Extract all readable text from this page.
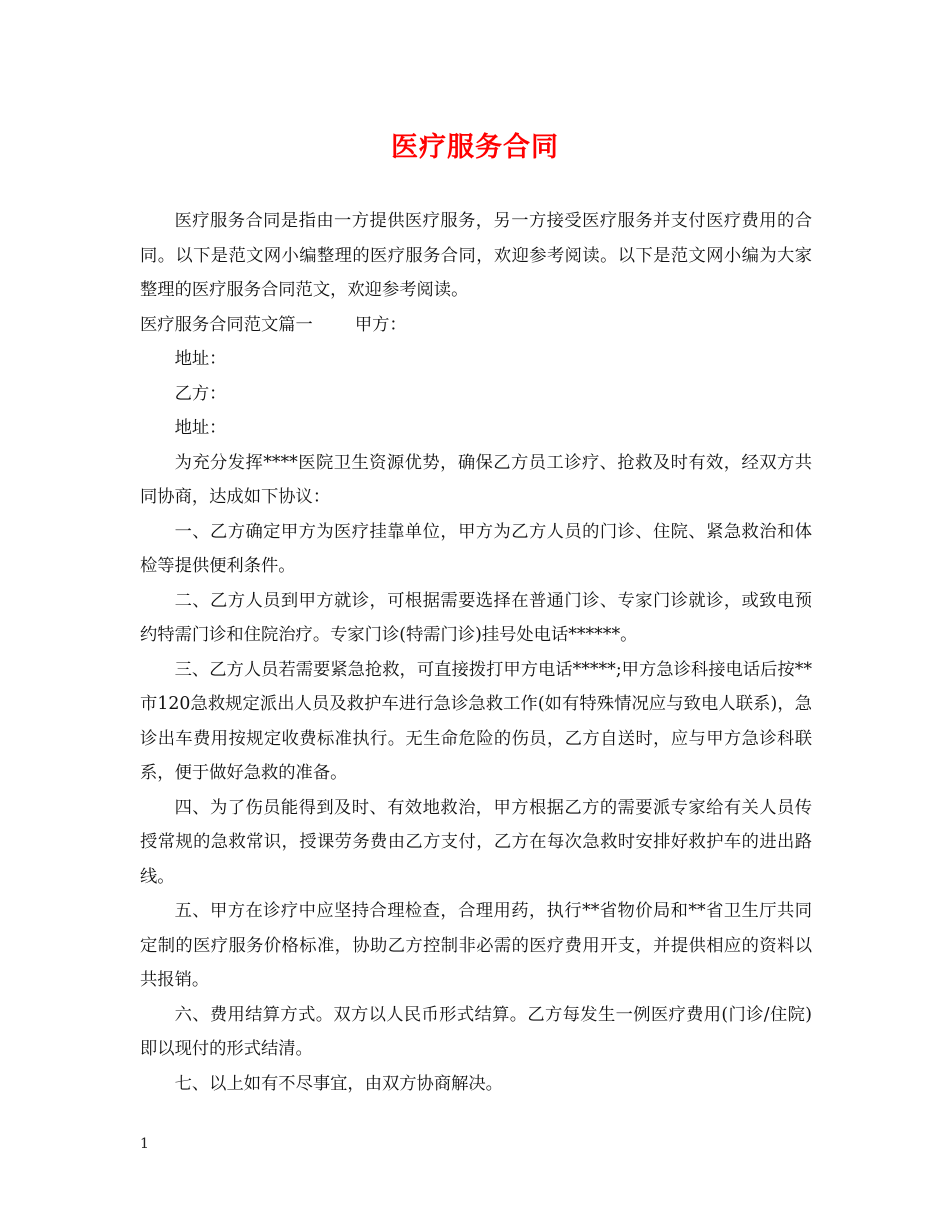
医疗服务合同

医疗服务合同是指由一方提供医疗服务，另一方接受医疗服务并支付医疗费用的合同。以下是范文网小编整理的医疗服务合同，欢迎参考阅读。以下是范文网小编为大家整理的医疗服务合同范文，欢迎参考阅读。

医疗服务合同范文篇一 甲方：

地址：

乙方：

地址：

为充分发挥****医院卫生资源优势，确保乙方员工诊疗、抢救及时有效，经双方共同协商，达成如下协议：

一、乙方确定甲方为医疗挂靠单位，甲方为乙方人员的门诊、住院、紧急救治和体检等提供便利条件。

二、乙方人员到甲方就诊，可根据需要选择在普通门诊、专家门诊就诊，或致电预约特需门诊和住院治疗。专家门诊(特需门诊)挂号处电话******。

三、乙方人员若需要紧急抢救，可直接拨打甲方电话*****;甲方急诊科接电话后按**市120急救规定派出人员及救护车进行急诊急救工作(如有特殊情况应与致电人联系)，急诊出车费用按规定收费标准执行。无生命危险的伤员，乙方自送时，应与甲方急诊科联系，便于做好急救的准备。

四、为了伤员能得到及时、有效地救治，甲方根据乙方的需要派专家给有关人员传授常规的急救常识，授课劳务费由乙方支付，乙方在每次急救时安排好救护车的进出路线。

五、甲方在诊疗中应坚持合理检查，合理用药，执行**省物价局和**省卫生厅共同定制的医疗服务价格标准，协助乙方控制非必需的医疗费用开支，并提供相应的资料以共报销。

六、费用结算方式。双方以人民币形式结算。乙方每发生一例医疗费用(门诊/住院)即以现付的形式结清。

七、以上如有不尽事宜，由双方协商解决。

1
